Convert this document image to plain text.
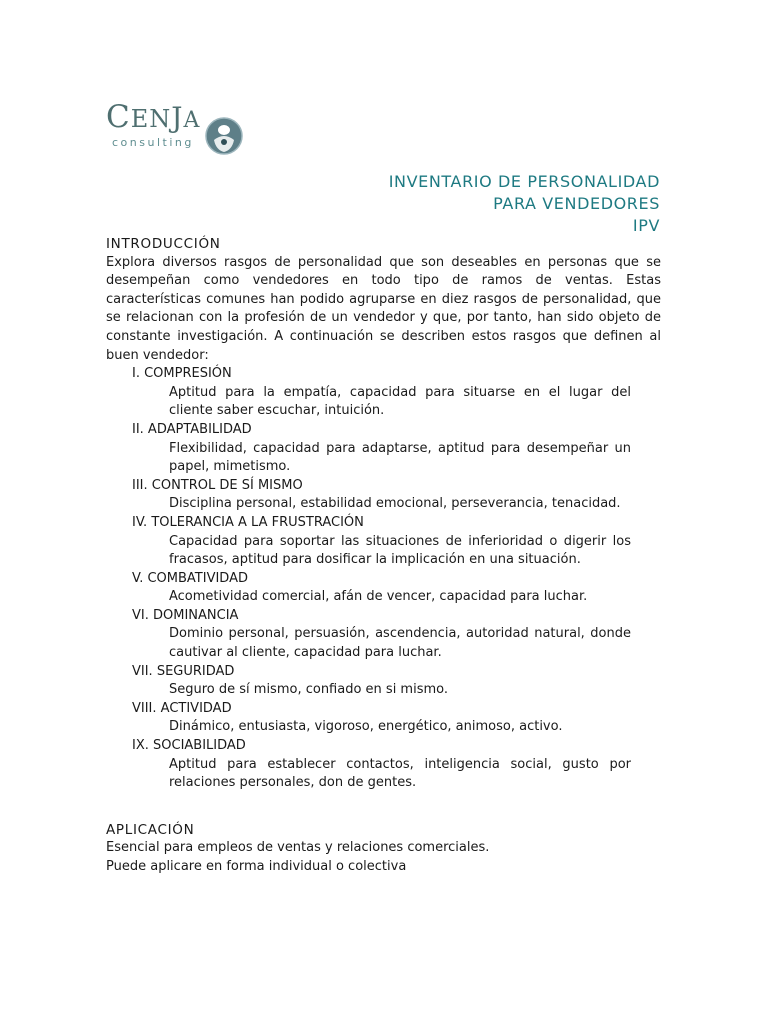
CENJA
consulting
INVENTARIO DE PERSONALIDAD
PARA VENDEDORES
IPV
INTRODUCCIÓN
Explora diversos rasgos de personalidad que son deseables en personas que se desempeñan como vendedores en todo tipo de ramos de ventas. Estas características comunes han podido agruparse en diez rasgos de personalidad, que se relacionan con la profesión de un vendedor y que, por tanto, han sido objeto de constante investigación. A continuación se describen estos rasgos que definen al buen vendedor:
I. COMPRESIÓN
Aptitud para la empatía, capacidad para situarse en el lugar del cliente saber escuchar, intuición.
II. ADAPTABILIDAD
Flexibilidad, capacidad para adaptarse, aptitud para desempeñar un papel, mimetismo.
III. CONTROL DE SÍ MISMO
Disciplina personal, estabilidad emocional, perseverancia, tenacidad.
IV. TOLERANCIA A LA FRUSTRACIÓN
Capacidad para soportar las situaciones de inferioridad o digerir los fracasos, aptitud para dosificar la implicación en una situación.
V. COMBATIVIDAD
Acometividad comercial, afán de vencer, capacidad para luchar.
VI. DOMINANCIA
Dominio personal, persuasión, ascendencia, autoridad natural, donde cautivar al cliente, capacidad para luchar.
VII. SEGURIDAD
Seguro de sí mismo, confiado en si mismo.
VIII. ACTIVIDAD
Dinámico, entusiasta, vigoroso, energético, animoso, activo.
IX. SOCIABILIDAD
Aptitud para establecer contactos, inteligencia social, gusto por relaciones personales, don de gentes.
APLICACIÓN
Esencial para empleos de ventas y relaciones comerciales.
Puede aplicare en forma individual o colectiva
